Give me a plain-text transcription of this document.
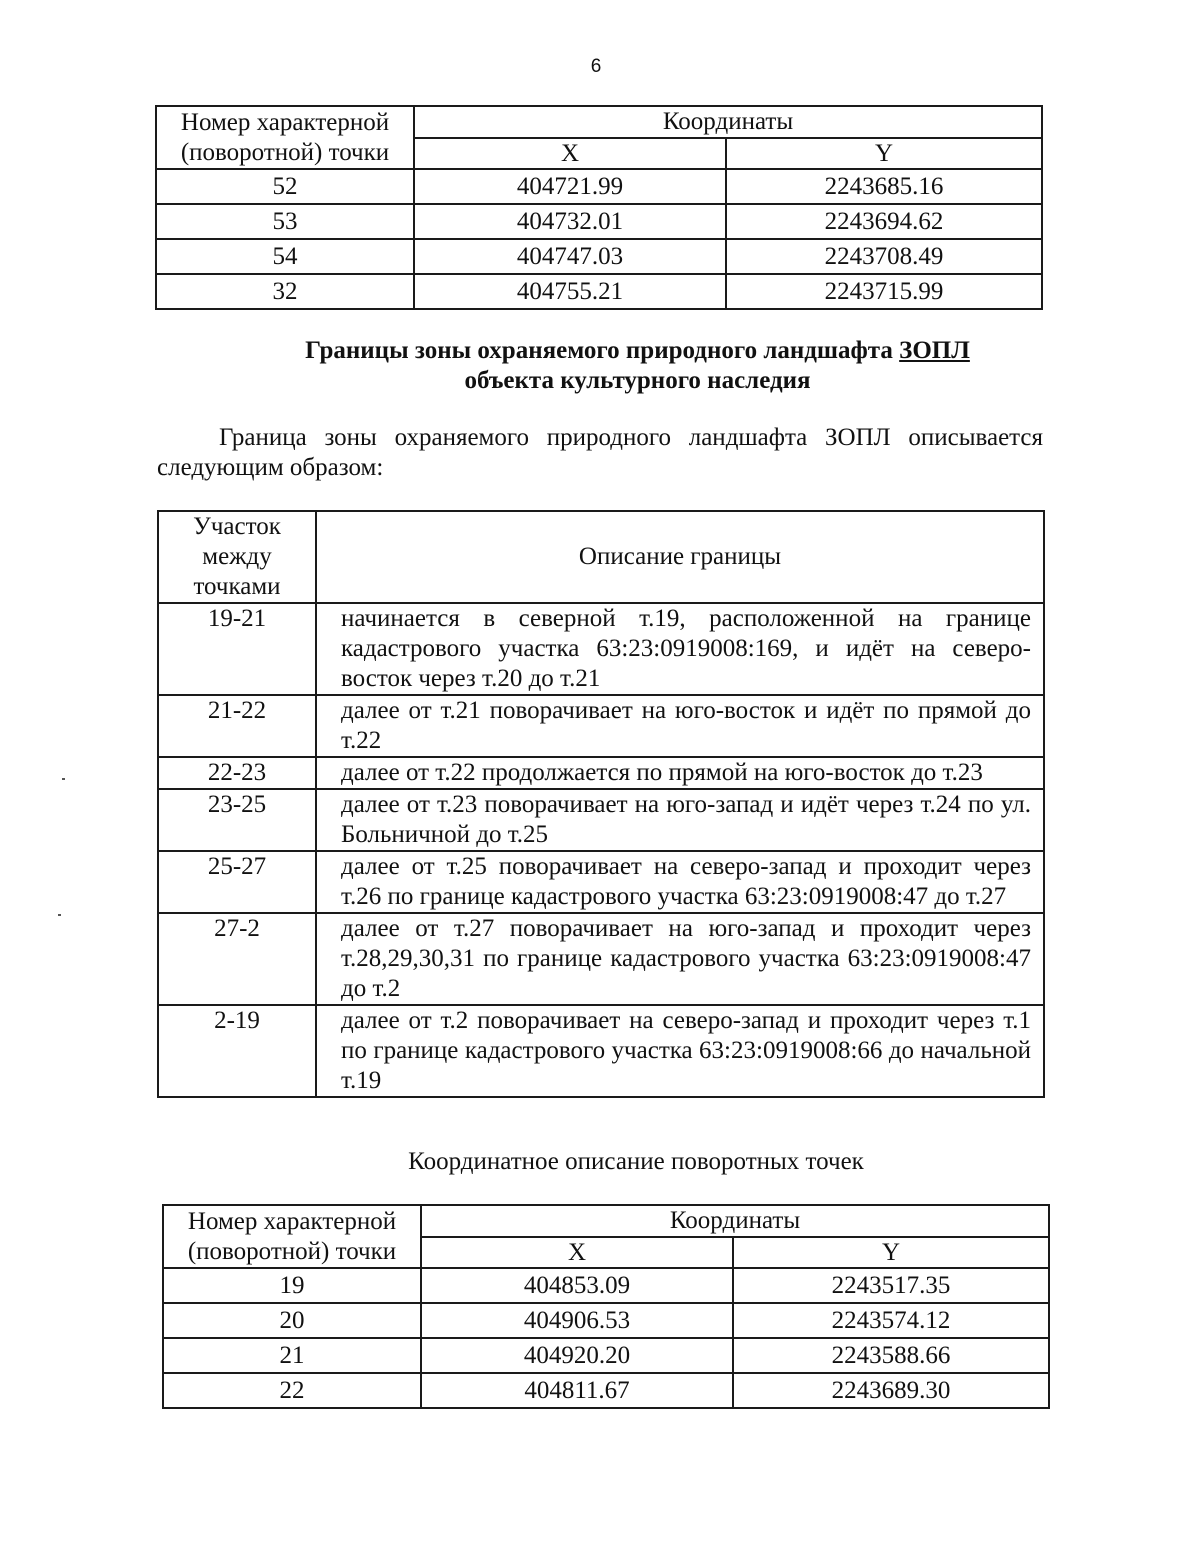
6
Номер характерной (поворотной) точки	Координаты	
	X	Y
52	404721.99	2243685.16
53	404732.01	2243694.62
54	404747.03	2243708.49
32	404755.21	2243715.99
Границы зоны охраняемого природного ландшафта ЗОПЛ
объекта культурного наследия
Граница зоны охраняемого природного ландшафта ЗОПЛ описывается следующим образом:
Участок между точками	Описание границы
19-21	начинается в северной т.19, расположенной на границе кадастрового участка 63:23:0919008:169, и идёт на северо-восток через т.20 до т.21
21-22	далее от т.21 поворачивает на юго-восток и идёт по прямой до т.22
22-23	далее от т.22 продолжается по прямой на юго-восток до т.23
23-25	далее от т.23 поворачивает на юго-запад и идёт через т.24 по ул. Больничной до т.25
25-27	далее от т.25 поворачивает на северо-запад и проходит через т.26 по границе кадастрового участка 63:23:0919008:47 до т.27
27-2	далее от т.27 поворачивает на юго-запад и проходит через т.28,29,30,31 по границе кадастрового участка 63:23:0919008:47 до т.2
2-19	далее от т.2 поворачивает на северо-запад и проходит через т.1 по границе кадастрового участка 63:23:0919008:66 до начальной т.19
Координатное описание поворотных точек
Номер характерной (поворотной) точки	Координаты	
	X	Y
19	404853.09	2243517.35
20	404906.53	2243574.12
21	404920.20	2243588.66
22	404811.67	2243689.30
